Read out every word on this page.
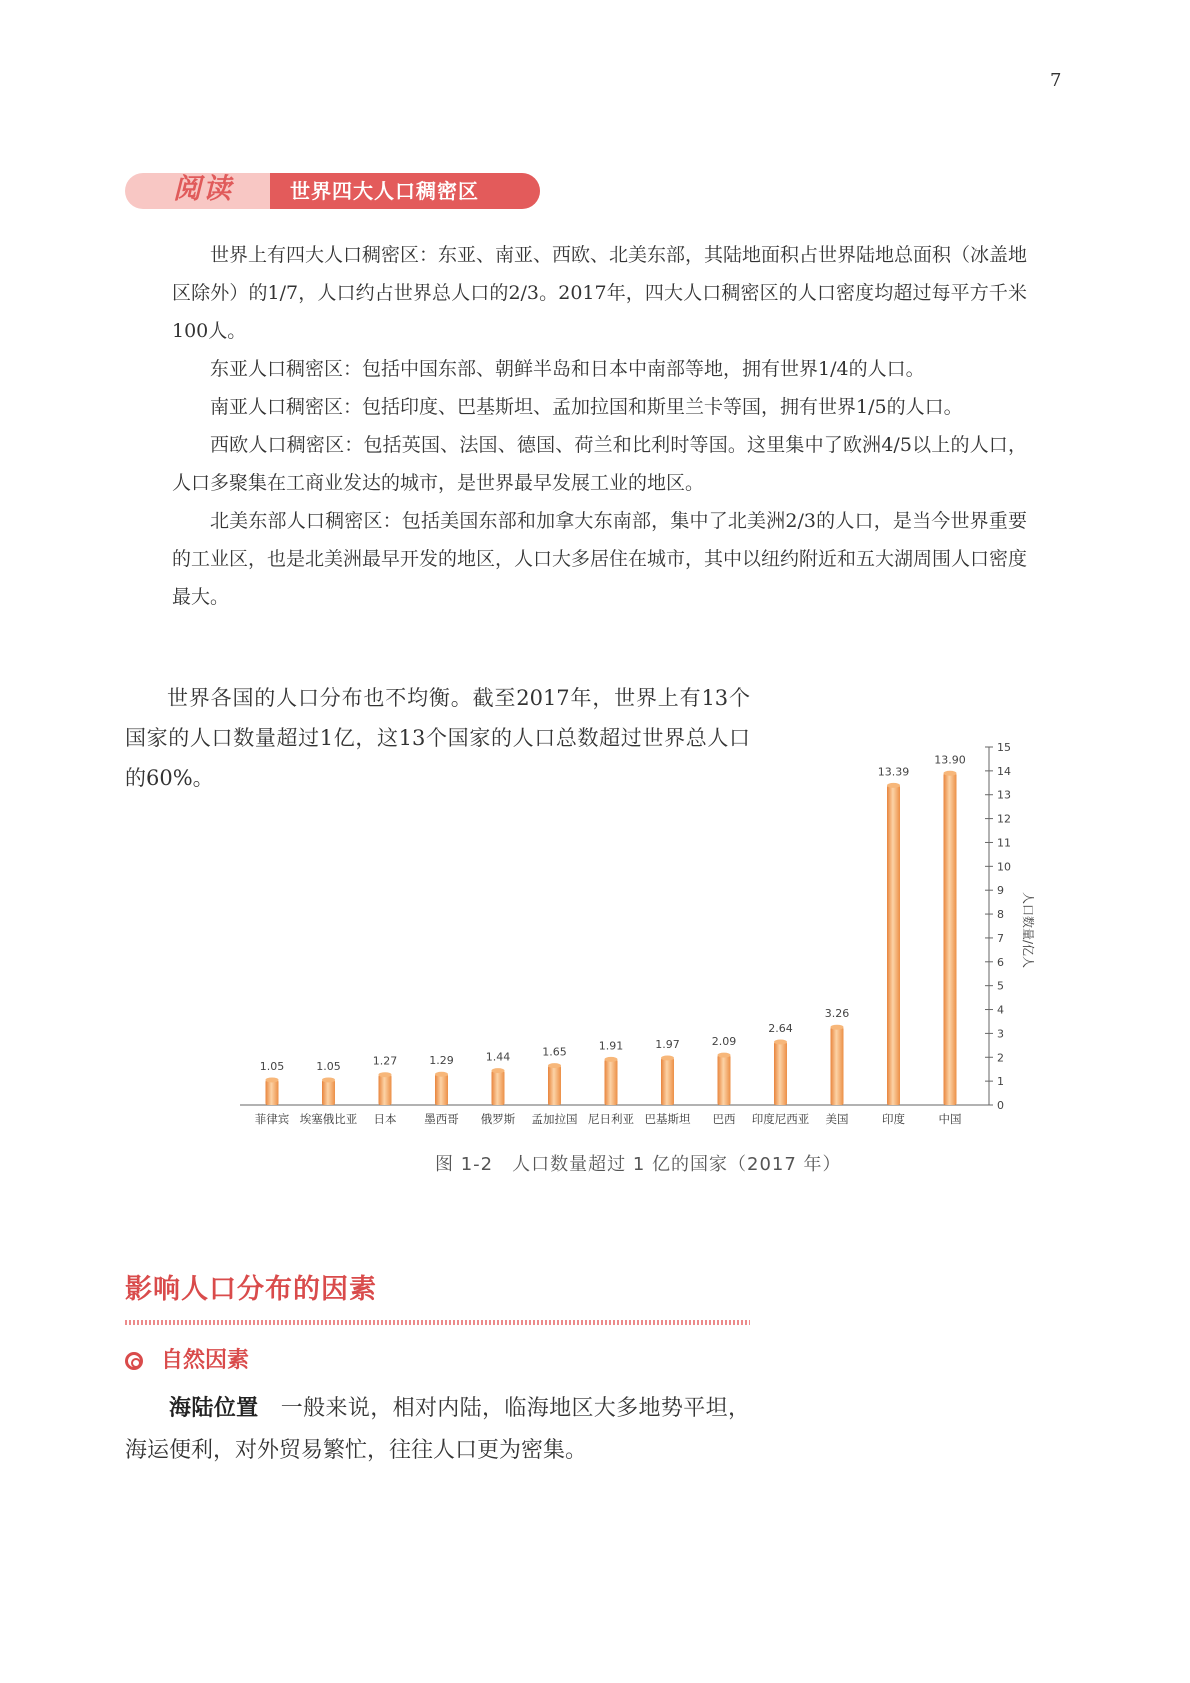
7
阅读	世界四大人口稠密区

世界上有四大人口稠密区：东亚、南亚、西欧、北美东部，其陆地面积占世界陆地总面积（冰盖地区除外）的1/7，人口约占世界总人口的2/3。2017年，四大人口稠密区的人口密度均超过每平方千米100人。

东亚人口稠密区：包括中国东部、朝鲜半岛和日本中南部等地，拥有世界1/4的人口。

南亚人口稠密区：包括印度、巴基斯坦、孟加拉国和斯里兰卡等国，拥有世界1/5的人口。

西欧人口稠密区：包括英国、法国、德国、荷兰和比利时等国。这里集中了欧洲4/5以上的人口，人口多聚集在工商业发达的城市，是世界最早发展工业的地区。

北美东部人口稠密区：包括美国东部和加拿大东南部，集中了北美洲2/3的人口，是当今世界重要的工业区，也是北美洲最早开发的地区，人口大多居住在城市，其中以纽约附近和五大湖周围人口密度最大。

世界各国的人口分布也不均衡。截至2017年，世界上有13个国家的人口数量超过1亿，这13个国家的人口总数超过世界总人口的60%。

0
1
2
3
4
5
6
7
8
9
10
11
12
13
14
15
人口数量/亿人
1.05
菲律宾
1.05
埃塞俄比亚
1.27
日本
1.29
墨西哥
1.44
俄罗斯
1.65
孟加拉国
1.91
尼日利亚
1.97
巴基斯坦
2.09
巴西
2.64
印度尼西亚
3.26
美国
13.39
印度
13.90
中国
图 1-2　人口数量超过 1 亿的国家（2017 年）
影响人口分布的因素
自然因素

海陆位置　 一般来说，相对内陆，临海地区大多地势平坦，海运便利，对外贸易繁忙，往往人口更为密集。
